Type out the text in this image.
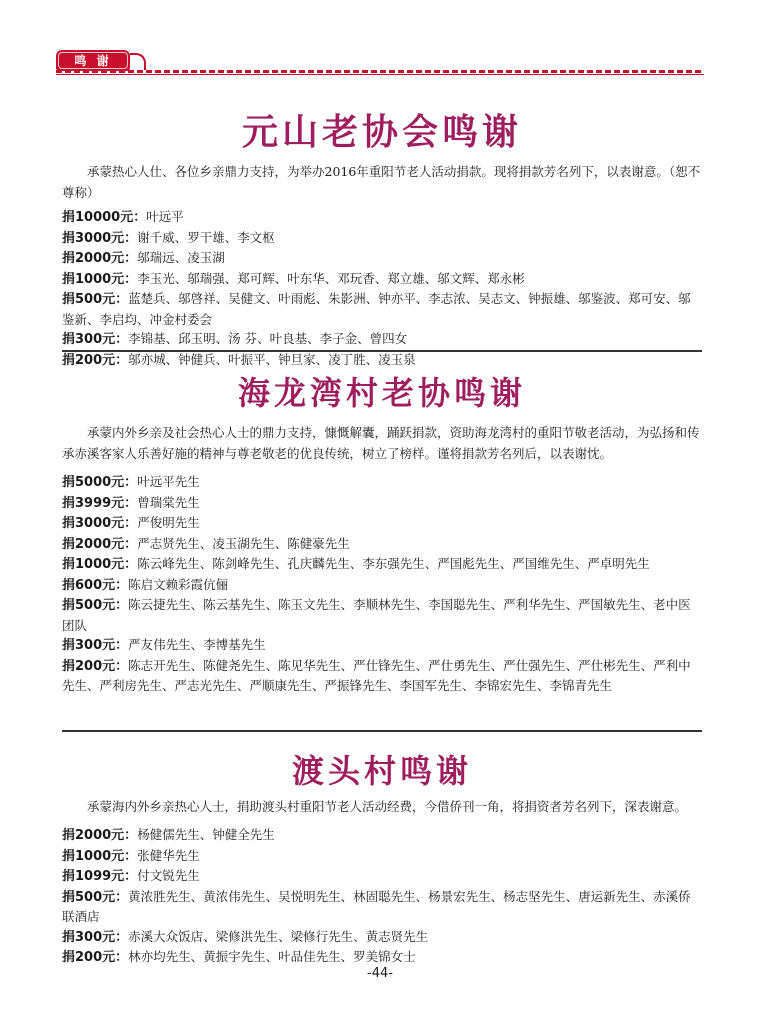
鸣 谢
元山老协会鸣谢

承蒙热心人仕、各位乡亲鼎力支持，为举办2016年重阳节老人活动捐款。现将捐款芳名列下，以表谢意。（恕不尊称）

捐10000元：叶远平

捐3000元：谢千威、罗干雄、李文枢

捐2000元：邬瑞远、凌玉湖

捐1000元：李玉光、邬瑞强、郑可辉、叶东华、邓玩香、郑立雄、邬文辉、郑永彬

捐500元：蓝楚兵、邬啓祥、吴健文、叶雨彪、朱影洲、钟亦平、李志浓、吴志文、钟振雄、邬鉴波、郑可安、邬鉴新、李启均、冲金村委会

捐300元：李锦基、邱玉明、汤 芬、叶良基、李子金、曾四女

捐200元：邬亦城、钟健兵、叶振平、钟旦家、凌丁胜、凌玉泉

海龙湾村老协鸣谢

承蒙内外乡亲及社会热心人士的鼎力支持，慷慨解囊，踊跃捐款，资助海龙湾村的重阳节敬老活动，为弘扬和传承赤溪客家人乐善好施的精神与尊老敬老的优良传统，树立了榜样。谨将捐款芳名列后，以表谢忱。

捐5000元：叶远平先生

捐3999元：曾瑞棠先生

捐3000元：严俊明先生

捐2000元：严志贤先生、凌玉湖先生、陈健豪先生

捐1000元：陈云峰先生、陈剑峰先生、孔庆麟先生、李东强先生、严国彪先生、严国维先生、严卓明先生

捐600元：陈启文赖彩霞伉俪

捐500元：陈云捷先生、陈云基先生、陈玉文先生、李顺林先生、李国聪先生、严利华先生、严国敏先生、老中医团队

捐300元：严友伟先生、李博基先生

捐200元：陈志开先生、陈健尧先生、陈见华先生、严仕锋先生、严仕勇先生、严仕强先生、严仕彬先生、严利中先生、严利房先生、严志光先生、严顺康先生、严振锋先生、李国军先生、李锦宏先生、李锦青先生

渡头村鸣谢

承蒙海内外乡亲热心人士，捐助渡头村重阳节老人活动经费，今借侨刊一角，将捐资者芳名列下，深表谢意。

捐2000元：杨健儒先生、钟健全先生

捐1000元：张健华先生

捐1099元：付文锐先生

捐500元：黄浓胜先生、黄浓伟先生、吴悦明先生、林固聪先生、杨景宏先生、杨志坚先生、唐运新先生、赤溪侨联酒店

捐300元：赤溪大众饭店、梁修洪先生、梁修行先生、黄志贤先生

捐200元：林亦均先生、黄振宇先生、叶品佳先生、罗美锦女士

-44-
